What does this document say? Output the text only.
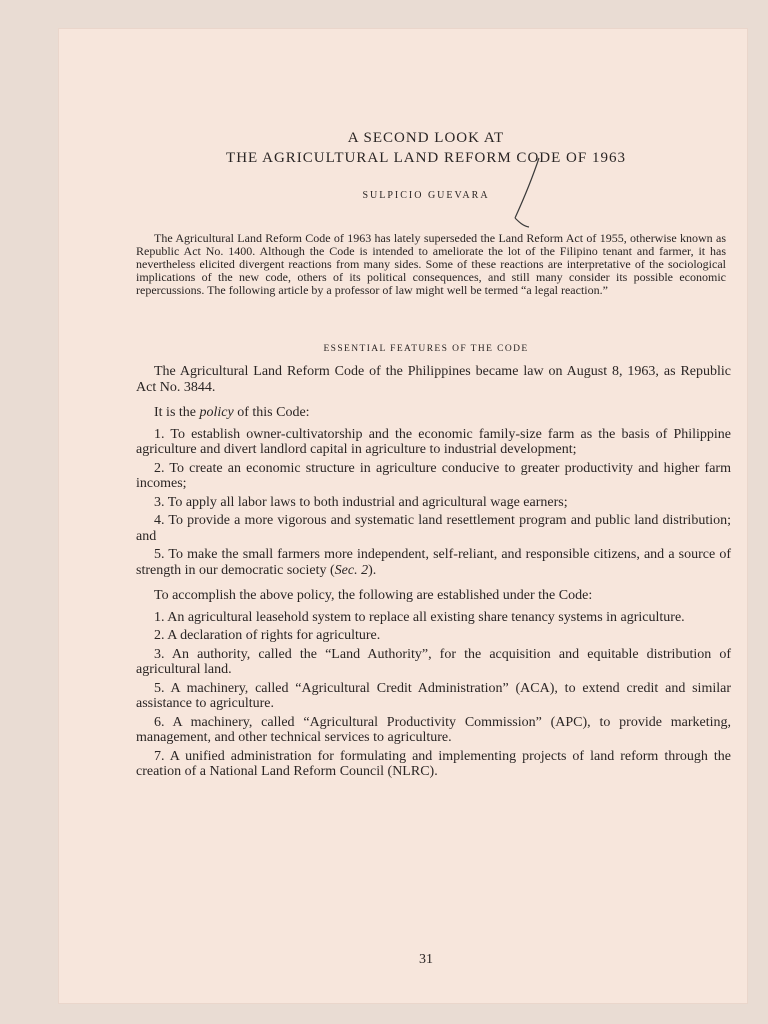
A SECOND LOOK AT
THE AGRICULTURAL LAND REFORM CODE OF 1963
SULPICIO GUEVARA
The Agricultural Land Reform Code of 1963 has lately superseded the Land Reform Act of 1955, otherwise known as Republic Act No. 1400. Although the Code is intended to ameliorate the lot of the Filipino tenant and farmer, it has nevertheless elicited divergent reactions from many sides. Some of these reactions are interpretative of the sociological implications of the new code, others of its political consequences, and still many consider its possible economic repercussions. The following article by a professor of law might well be termed “a legal reaction.”
ESSENTIAL FEATURES OF THE CODE

The Agricultural Land Reform Code of the Philippines became law on August 8, 1963, as Republic Act No. 3844.

It is the policy of this Code:

1. To establish owner-cultivatorship and the economic family-size farm as the basis of Philippine agriculture and divert landlord capital in agriculture to industrial development;

2. To create an economic structure in agriculture conducive to greater productivity and higher farm incomes;

3. To apply all labor laws to both industrial and agricultural wage earners;

4. To provide a more vigorous and systematic land resettlement program and public land distribution; and

5. To make the small farmers more independent, self-reliant, and responsible citizens, and a source of strength in our democratic society (Sec. 2).

To accomplish the above policy, the following are established under the Code:

1. An agricultural leasehold system to replace all existing share tenancy systems in agriculture.

2. A declaration of rights for agriculture.

3. An authority, called the “Land Authority”, for the acquisition and equitable distribution of agricultural land.

5. A machinery, called “Agricultural Credit Administration” (ACA), to extend credit and similar assistance to agriculture.

6. A machinery, called “Agricultural Productivity Commission” (APC), to provide marketing, management, and other technical services to agriculture.

7. A unified administration for formulating and implementing projects of land reform through the creation of a National Land Reform Council (NLRC).

31
